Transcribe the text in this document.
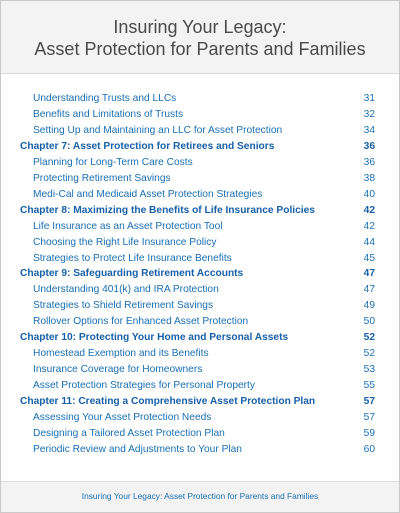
Insuring Your Legacy:
Asset Protection for Parents and Families
Understanding Trusts and LLCs	31
Benefits and Limitations of Trusts	32
Setting Up and Maintaining an LLC for Asset Protection	34
Chapter 7: Asset Protection for Retirees and Seniors	36
Planning for Long-Term Care Costs	36
Protecting Retirement Savings	38
Medi-Cal and Medicaid Asset Protection Strategies	40
Chapter 8: Maximizing the Benefits of Life Insurance Policies	42
Life Insurance as an Asset Protection Tool	42
Choosing the Right Life Insurance Policy	44
Strategies to Protect Life Insurance Benefits	45
Chapter 9: Safeguarding Retirement Accounts	47
Understanding 401(k) and IRA Protection	47
Strategies to Shield Retirement Savings	49
Rollover Options for Enhanced Asset Protection	50
Chapter 10: Protecting Your Home and Personal Assets	52
Homestead Exemption and its Benefits	52
Insurance Coverage for Homeowners	53
Asset Protection Strategies for Personal Property	55
Chapter 11: Creating a Comprehensive Asset Protection Plan	57
Assessing Your Asset Protection Needs	57
Designing a Tailored Asset Protection Plan	59
Periodic Review and Adjustments to Your Plan	60
Insuring Your Legacy: Asset Protection for Parents and Families
